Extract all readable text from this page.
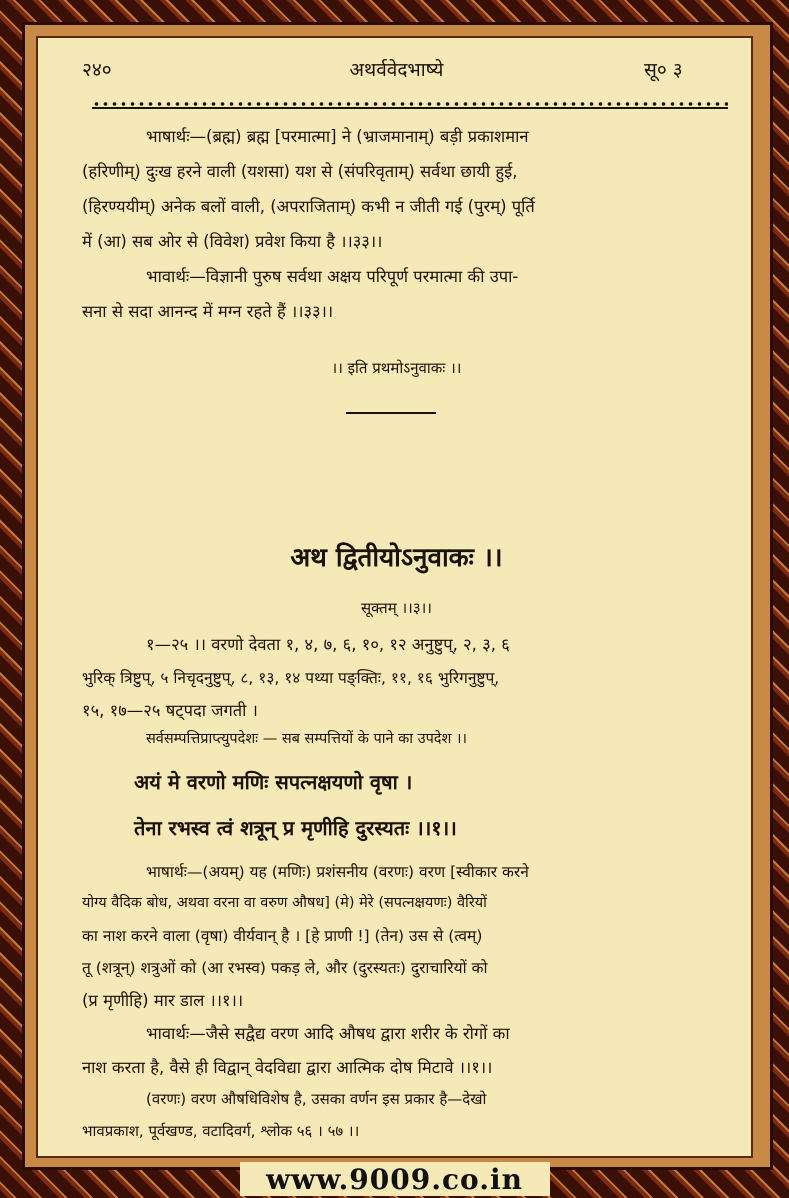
२४०	अथर्ववेदभाष्ये	सू० ३
भाषार्थः—(ब्रह्म) ब्रह्म [परमात्मा] ने (भ्राजमानाम्) बड़ी प्रकाशमान
(हरिणीम्) दुःख हरने वाली (यशसा) यश से (संपरिवृताम्) सर्वथा छायी हुई,
(हिरण्ययीम्) अनेक बलों वाली, (अपराजिताम्) कभी न जीती गई (पुरम्) पूर्ति
में (आ) सब ओर से (विवेश) प्रवेश किया है ।।३३।।
भावार्थः—विज्ञानी पुरुष सर्वथा अक्षय परिपूर्ण परमात्मा की उपा-
सना से सदा आनन्द में मग्न रहते हैं ।।३३।।
।। इति प्रथमोऽनुवाकः ।।
अथ द्वितीयोऽनुवाकः ।।
सूक्तम् ।।३।।
१—२५ ।। वरणो देवता १, ४, ७, ६, १०, १२ अनुष्टुप्, २, ३, ६
भुरिक् त्रिष्टुप्, ५ निचृदनुष्टुप्, ८, १३, १४ पथ्या पङ्क्तिः, ११, १६ भुरिगनुष्टुप्,
१५, १७—२५ षट्पदा जगती ।
सर्वसम्पत्तिप्राप्त्युपदेशः — सब सम्पत्तियों के पाने का उपदेश ।।
अयं मे वरणो मणिः सपत्नक्षयणो वृषा ।
तेना रभस्व त्वं शत्रून् प्र मृणीहि दुरस्यतः ।।१।।
भाषार्थः—(अयम्) यह (मणिः) प्रशंसनीय (वरणः) वरण [स्वीकार करने
योग्य वैदिक बोध, अथवा वरना वा वरुण औषध] (मे) मेरे (सपत्नक्षयणः) वैरियों
का नाश करने वाला (वृषा) वीर्यवान् है । [हे प्राणी !] (तेन) उस से (त्वम्)
तू (शत्रून्) शत्रुओं को (आ रभस्व) पकड़ ले, और (दुरस्यतः) दुराचारियों को
(प्र मृणीहि) मार डाल ।।१।।
भावार्थः—जैसे सद्वैद्य वरण आदि औषध द्वारा शरीर के रोगों का
नाश करता है, वैसे ही विद्वान् वेदविद्या द्वारा आत्मिक दोष मिटावे ।।१।।
(वरणः) वरण औषधिविशेष है, उसका वर्णन इस प्रकार है—देखो
भावप्रकाश, पूर्वखण्ड, वटादिवर्ग, श्लोक ५६ । ५७ ।।
www.9009.co.in
